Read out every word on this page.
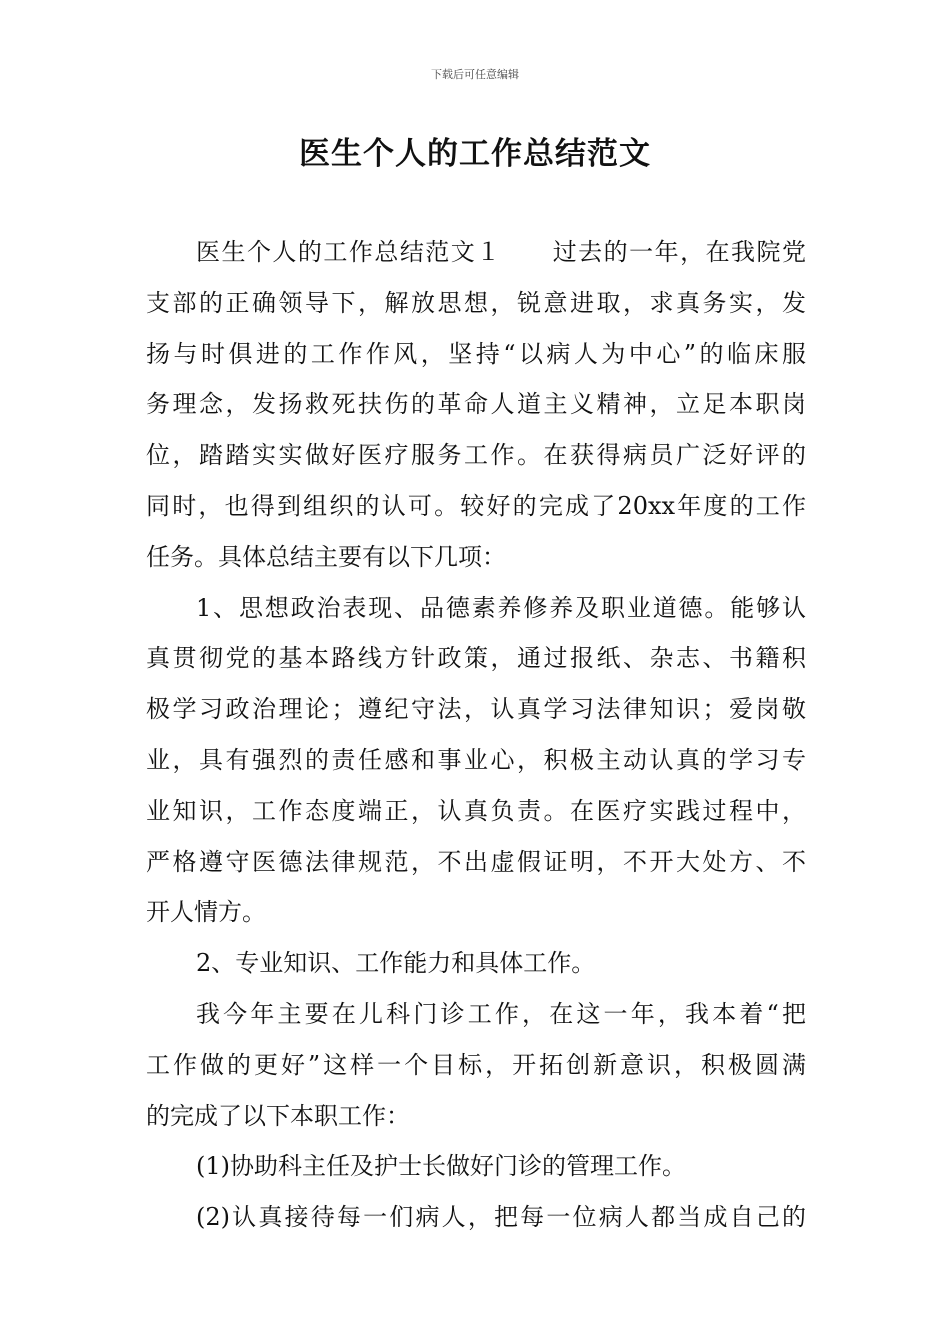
下载后可任意编辑
医生个人的工作总结范文
医生个人的工作总结范文１　　过去的一年，在我院党
支部的正确领导下，解放思想，锐意进取，求真务实，发
扬与时俱进的工作作风，坚持“以病人为中心”的临床服
务理念，发扬救死扶伤的革命人道主义精神，立足本职岗
位，踏踏实实做好医疗服务工作。在获得病员广泛好评的
同时，也得到组织的认可。较好的完成了20xx年度的工作
任务。具体总结主要有以下几项：
1、思想政治表现、品德素养修养及职业道德。能够认
真贯彻党的基本路线方针政策，通过报纸、杂志、书籍积
极学习政治理论；遵纪守法，认真学习法律知识；爱岗敬
业，具有强烈的责任感和事业心，积极主动认真的学习专
业知识，工作态度端正，认真负责。在医疗实践过程中，
严格遵守医德法律规范，不出虚假证明，不开大处方、不
开人情方。
2、专业知识、工作能力和具体工作。
我今年主要在儿科门诊工作，在这一年，我本着“把
工作做的更好”这样一个目标，开拓创新意识，积极圆满
的完成了以下本职工作：
(1)协助科主任及护士长做好门诊的管理工作。
(2)认真接待每一们病人，把每一位病人都当成自己的
